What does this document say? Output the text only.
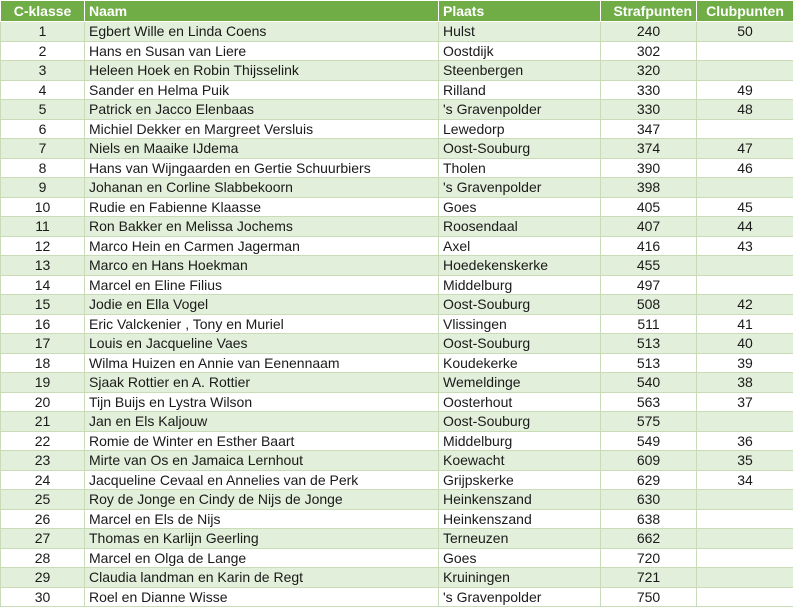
C-klasse	Naam	Plaats	Strafpunten	Clubpunten
1	Egbert Wille en Linda Coens	Hulst	240	50
2	Hans en Susan van Liere	Oostdijk	302	
3	Heleen Hoek en Robin Thijsselink	Steenbergen	320	
4	Sander en Helma Puik	Rilland	330	49
5	Patrick en Jacco Elenbaas	's Gravenpolder	330	48
6	Michiel Dekker en Margreet Versluis	Lewedorp	347	
7	Niels en Maaike IJdema	Oost-Souburg	374	47
8	Hans van Wijngaarden en Gertie Schuurbiers	Tholen	390	46
9	Johanan en Corline Slabbekoorn	's Gravenpolder	398	
10	Rudie en Fabienne Klaasse	Goes	405	45
11	Ron Bakker en Melissa Jochems	Roosendaal	407	44
12	Marco Hein en Carmen Jagerman	Axel	416	43
13	Marco en Hans Hoekman	Hoedekenskerke	455	
14	Marcel en Eline Filius	Middelburg	497	
15	Jodie en Ella Vogel	Oost-Souburg	508	42
16	Eric Valckenier , Tony en Muriel	Vlissingen	511	41
17	Louis en Jacqueline Vaes	Oost-Souburg	513	40
18	Wilma Huizen en Annie van Eenennaam	Koudekerke	513	39
19	Sjaak Rottier en A. Rottier	Wemeldinge	540	38
20	Tijn Buijs en Lystra Wilson	Oosterhout	563	37
21	Jan en Els Kaljouw	Oost-Souburg	575	
22	Romie de Winter en Esther Baart	Middelburg	549	36
23	Mirte van Os en Jamaica Lernhout	Koewacht	609	35
24	Jacqueline Cevaal en Annelies van de Perk	Grijpskerke	629	34
25	Roy de Jonge en Cindy de Nijs de Jonge	Heinkenszand	630	
26	Marcel en Els de Nijs	Heinkenszand	638	
27	Thomas en Karlijn Geerling	Terneuzen	662	
28	Marcel en Olga de Lange	Goes	720	
29	Claudia landman en Karin de Regt	Kruiningen	721	
30	Roel en Dianne Wisse	's Gravenpolder	750	
